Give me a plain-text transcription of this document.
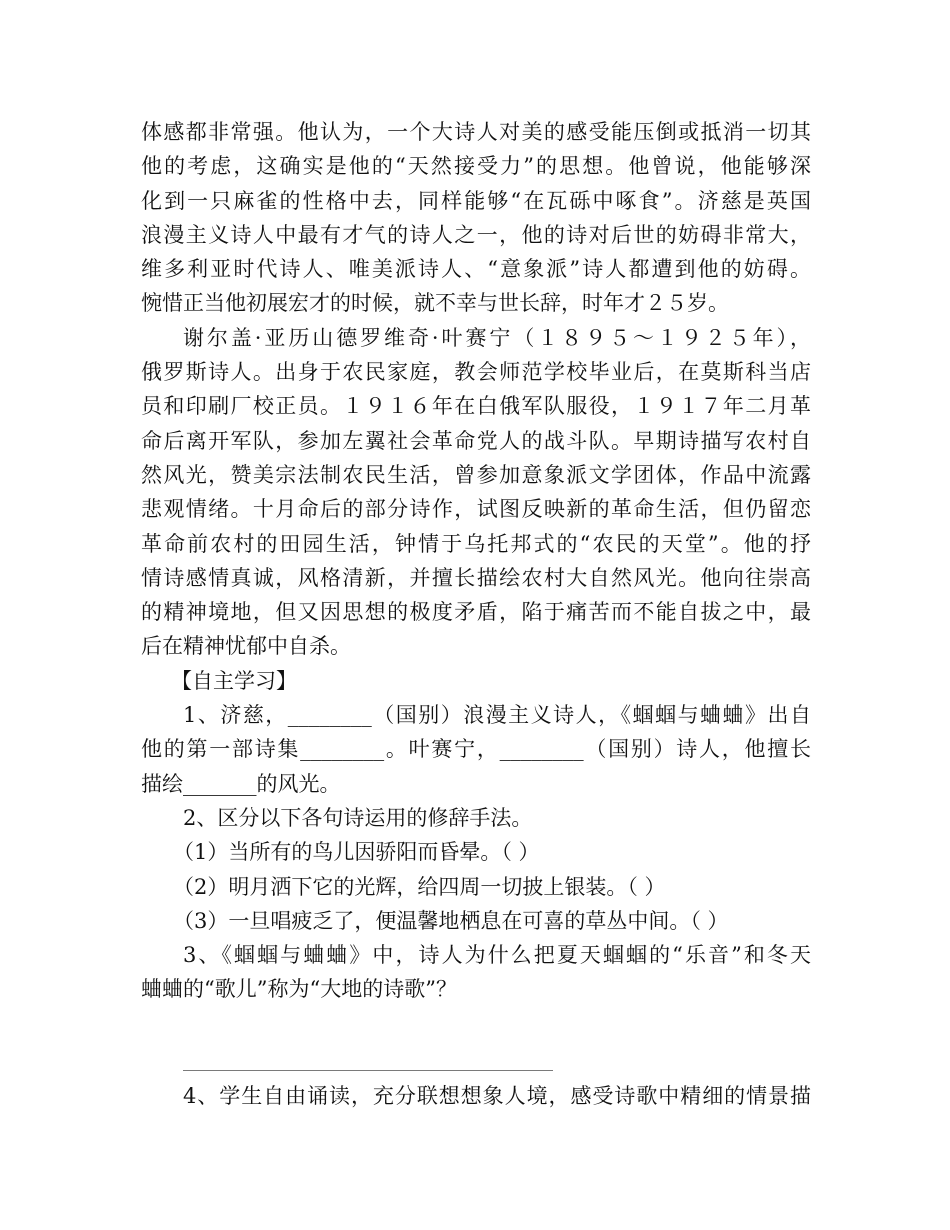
体感都非常强。他认为，一个大诗人对美的感受能压倒或抵消一切其
他的考虑，这确实是他的“天然接受力”的思想。他曾说，他能够深
化到一只麻雀的性格中去，同样能够“在瓦砾中啄食”。济慈是英国
浪漫主义诗人中最有才气的诗人之一，他的诗对后世的妨碍非常大，
维多利亚时代诗人、唯美派诗人、“意象派”诗人都遭到他的妨碍。
惋惜正当他初展宏才的时候，就不幸与世长辞，时年才２５岁。
谢尔盖·亚历山德罗维奇·叶赛宁（１８９５～１９２５年），
俄罗斯诗人。出身于农民家庭，教会师范学校毕业后，在莫斯科当店
员和印刷厂校正员。１９１６年在白俄军队服役，１９１７年二月革
命后离开军队，参加左翼社会革命党人的战斗队。早期诗描写农村自
然风光，赞美宗法制农民生活，曾参加意象派文学团体，作品中流露
悲观情绪。十月命后的部分诗作，试图反映新的革命生活，但仍留恋
革命前农村的田园生活，钟情于乌托邦式的“农民的天堂”。他的抒
情诗感情真诚，风格清新，并擅长描绘农村大自然风光。他向往崇高
的精神境地，但又因思想的极度矛盾，陷于痛苦而不能自拔之中，最
后在精神忧郁中自杀。
【自主学习】
1、济慈，________（国别）浪漫主义诗人，《蝈蝈与蛐蛐》出自
他的第一部诗集________。叶赛宁，________（国别）诗人，他擅长
描绘_______的风光。
2、区分以下各句诗运用的修辞手法。
（1）当所有的鸟儿因骄阳而昏晕。（ ）
（2）明月洒下它的光辉，给四周一切披上银装。（ ）
（3）一旦唱疲乏了，便温馨地栖息在可喜的草丛中间。（ ）
3、《蝈蝈与蛐蛐》中，诗人为什么把夏天蝈蝈的“乐音”和冬天
蛐蛐的“歌儿”称为“大地的诗歌”？
4、学生自由诵读，充分联想想象人境，感受诗歌中精细的情景描
